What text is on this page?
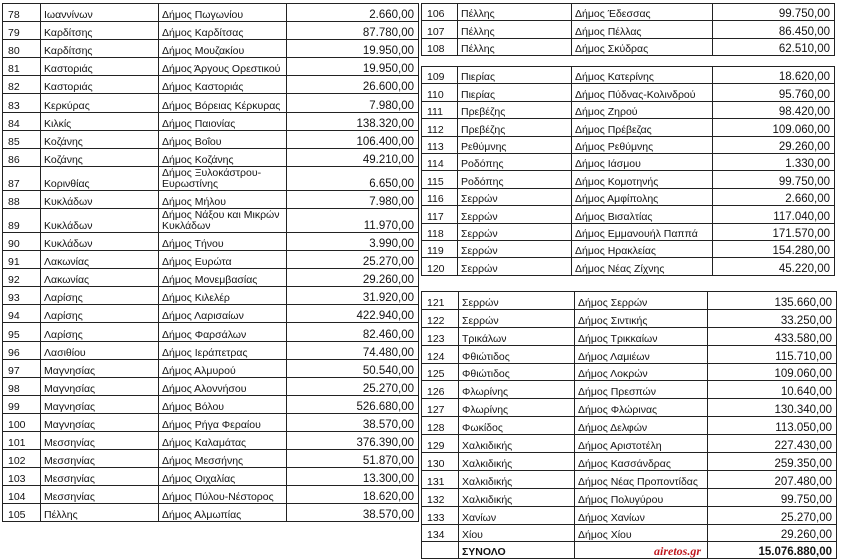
78	Ιωαννίνων	Δήμος Πωγωνίου	2.660,00
79	Καρδίτσης	Δήμος Καρδίτσας	87.780,00
80	Καρδίτσης	Δήμος Μουζακίου	19.950,00
81	Καστοριάς	Δήμος Άργους Ορεστικού	19.950,00
82	Καστοριάς	Δήμος Καστοριάς	26.600,00
83	Κερκύρας	Δήμος Βόρειας Κέρκυρας	7.980,00
84	Κιλκίς	Δήμος Παιονίας	138.320,00
85	Κοζάνης	Δήμος Βοΐου	106.400,00
86	Κοζάνης	Δήμος Κοζάνης	49.210,00
87	Κορινθίας	Δήμος Ξυλοκάστρου-Ευρωστίνης	6.650,00
88	Κυκλάδων	Δήμος Μήλου	7.980,00
89	Κυκλάδων	Δήμος Νάξου και Μικρών Κυκλάδων	11.970,00
90	Κυκλάδων	Δήμος Τήνου	3.990,00
91	Λακωνίας	Δήμος Ευρώτα	25.270,00
92	Λακωνίας	Δήμος Μονεμβασίας	29.260,00
93	Λαρίσης	Δήμος Κιλελέρ	31.920,00
94	Λαρίσης	Δήμος Λαρισαίων	422.940,00
95	Λαρίσης	Δήμος Φαρσάλων	82.460,00
96	Λασιθίου	Δήμος Ιεράπετρας	74.480,00
97	Μαγνησίας	Δήμος Αλμυρού	50.540,00
98	Μαγνησίας	Δήμος Αλοννήσου	25.270,00
99	Μαγνησίας	Δήμος Βόλου	526.680,00
100	Μαγνησίας	Δήμος Ρήγα Φεραίου	38.570,00
101	Μεσσηνίας	Δήμος Καλαμάτας	376.390,00
102	Μεσσηνίας	Δήμος Μεσσήνης	51.870,00
103	Μεσσηνίας	Δήμος Οιχαλίας	13.300,00
104	Μεσσηνίας	Δήμος Πύλου-Νέστορος	18.620,00
105	Πέλλης	Δήμος Αλμωπίας	38.570,00
106	Πέλλης	Δήμος Έδεσσας	99.750,00
107	Πέλλης	Δήμος Πέλλας	86.450,00
108	Πέλλης	Δήμος Σκύδρας	62.510,00
109	Πιερίας	Δήμος Κατερίνης	18.620,00
110	Πιερίας	Δήμος Πύδνας-Κολινδρού	95.760,00
111	Πρεβέζης	Δήμος Ζηρού	98.420,00
112	Πρεβέζης	Δήμος Πρέβεζας	109.060,00
113	Ρεθύμνης	Δήμος Ρεθύμνης	29.260,00
114	Ροδόπης	Δήμος Ιάσμου	1.330,00
115	Ροδόπης	Δήμος Κομοτηνής	99.750,00
116	Σερρών	Δήμος Αμφίπολης	2.660,00
117	Σερρών	Δήμος Βισαλτίας	117.040,00
118	Σερρών	Δήμος Εμμανουήλ Παππά	171.570,00
119	Σερρών	Δήμος Ηρακλείας	154.280,00
120	Σερρών	Δήμος Νέας Ζίχνης	45.220,00
121	Σερρών	Δήμος Σερρών	135.660,00
122	Σερρών	Δήμος Σιντικής	33.250,00
123	Τρικάλων	Δήμος Τρικκαίων	433.580,00
124	Φθιώτιδος	Δήμος Λαμιέων	115.710,00
125	Φθιώτιδος	Δήμος Λοκρών	109.060,00
126	Φλωρίνης	Δήμος Πρεσπών	10.640,00
127	Φλωρίνης	Δήμος Φλώρινας	130.340,00
128	Φωκίδος	Δήμος Δελφών	113.050,00
129	Χαλκιδικής	Δήμος Αριστοτέλη	227.430,00
130	Χαλκιδικής	Δήμος Κασσάνδρας	259.350,00
131	Χαλκιδικής	Δήμος Νέας Προποντίδας	207.480,00
132	Χαλκιδικής	Δήμος Πολυγύρου	99.750,00
133	Χανίων	Δήμος Χανίων	25.270,00
134	Χίου	Δήμος Χίου	29.260,00
	ΣΥΝΟΛΟ	airetos.gr	15.076.880,00
